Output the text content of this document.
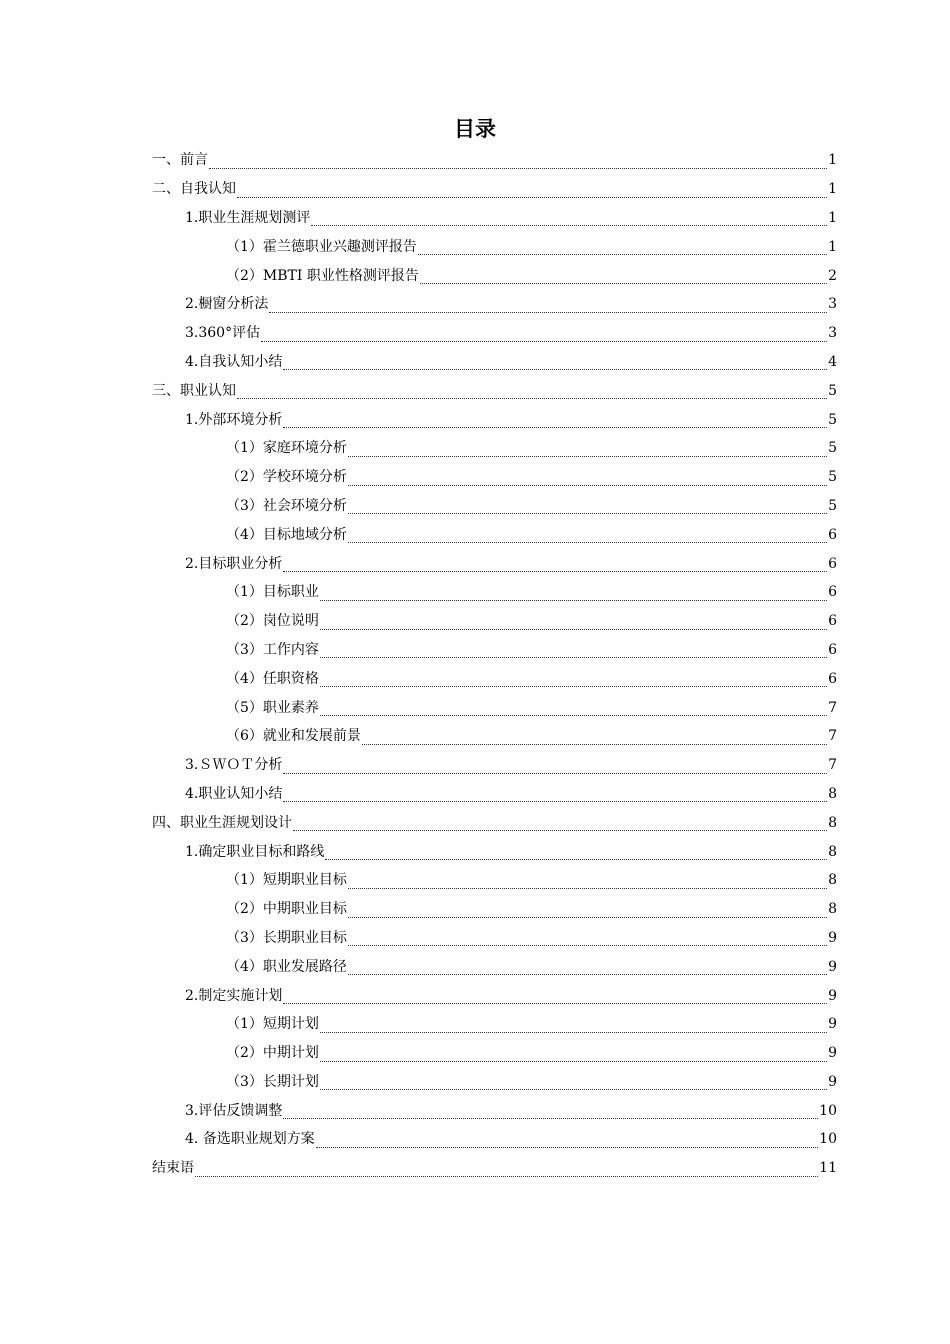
目录
一、前言	1
二、自我认知	1
1.职业生涯规划测评	1
（1）霍兰德职业兴趣测评报告	1
（2）MBTI 职业性格测评报告	2
2.橱窗分析法	3
3.360°评估	3
4.自我认知小结	4
三、职业认知	5
1.外部环境分析	5
（1）家庭环境分析	5
（2）学校环境分析	5
（3）社会环境分析	5
（4）目标地域分析	6
2.目标职业分析	6
（1）目标职业	6
（2）岗位说明	6
（3）工作内容	6
（4）任职资格	6
（5）职业素养	7
（6）就业和发展前景	7
3.ＳＷＯＴ分析	7
4.职业认知小结	8
四、职业生涯规划设计	8
1.确定职业目标和路线	8
（1）短期职业目标	8
（2）中期职业目标	8
（3）长期职业目标	9
（4）职业发展路径	9
2.制定实施计划	9
（1）短期计划	9
（2）中期计划	9
（3）长期计划	9
3.评估反馈调整	10
4. 备选职业规划方案	10
结束语	11
